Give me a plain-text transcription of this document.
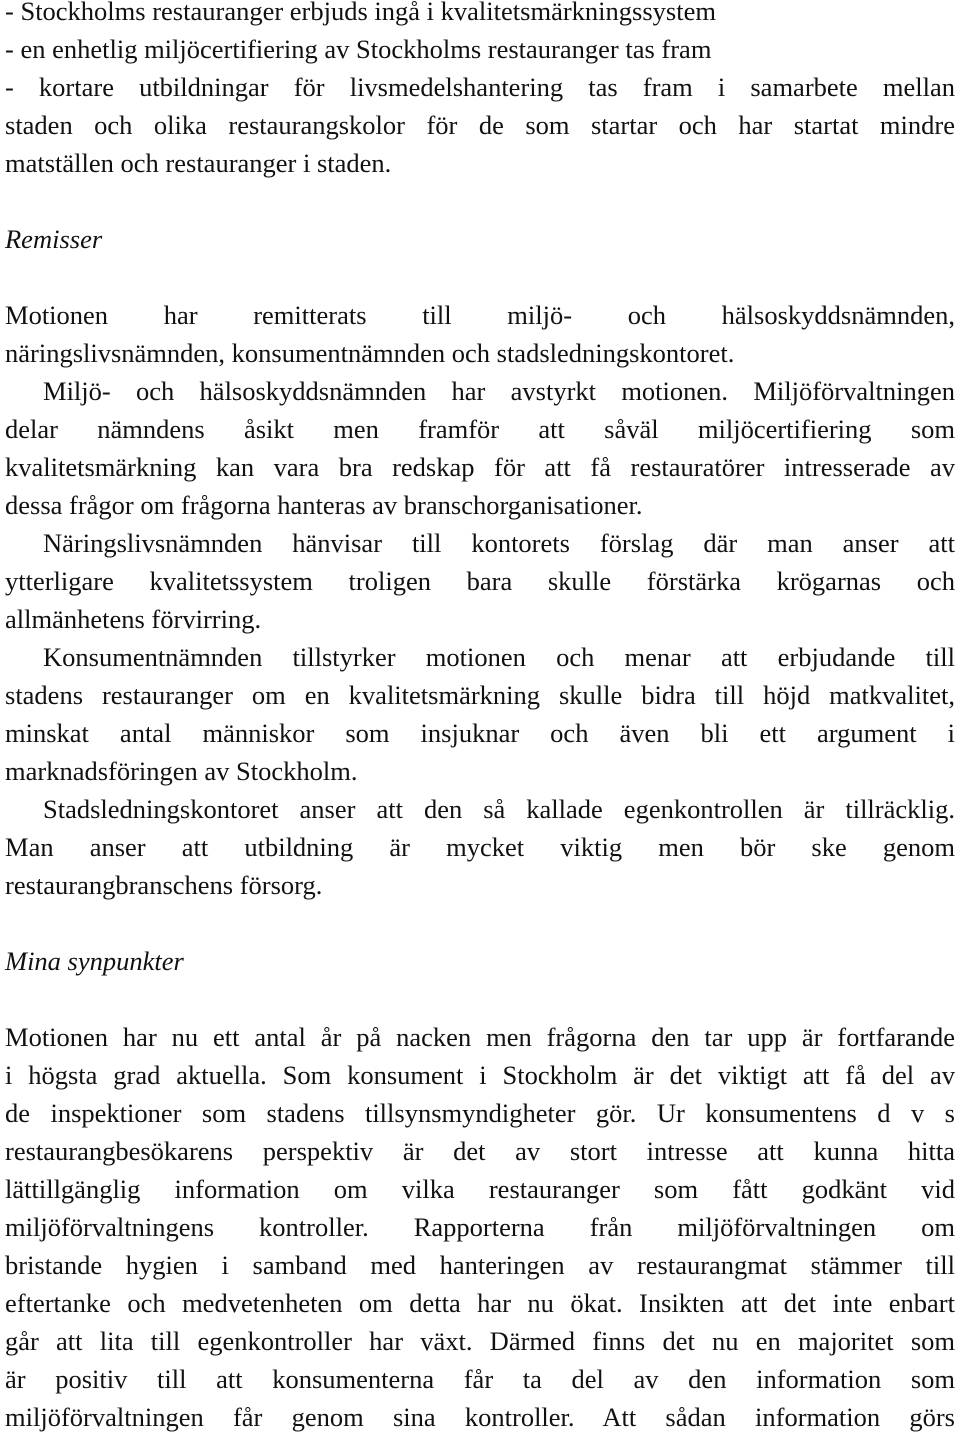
- Stockholms restauranger erbjuds ingå i kvalitetsmärkningssystem
- en enhetlig miljöcertifiering av Stockholms restauranger tas fram
- kortare utbildningar för livsmedelshantering tas fram i samarbete mellan
staden och olika restaurangskolor för de som startar och har startat mindre
matställen och restauranger i staden.

Remisser

Motionen har remitterats till miljö- och hälsoskyddsnämnden,
näringslivsnämnden, konsumentnämnden och stadsledningskontoret.
Miljö- och hälsoskyddsnämnden har avstyrkt motionen. Miljöförvaltningen
delar nämndens åsikt men framför att såväl miljöcertifiering som
kvalitetsmärkning kan vara bra redskap för att få restauratörer intresserade av
dessa frågor om frågorna hanteras av branschorganisationer.
Näringslivsnämnden hänvisar till kontorets förslag där man anser att
ytterligare kvalitetssystem troligen bara skulle förstärka krögarnas och
allmänhetens förvirring.
Konsumentnämnden tillstyrker motionen och menar att erbjudande till
stadens restauranger om en kvalitetsmärkning skulle bidra till höjd matkvalitet,
minskat antal människor som insjuknar och även bli ett argument i
marknadsföringen av Stockholm.
Stadsledningskontoret anser att den så kallade egenkontrollen är tillräcklig.
Man anser att utbildning är mycket viktig men bör ske genom
restaurangbranschens försorg.

Mina synpunkter

Motionen har nu ett antal år på nacken men frågorna den tar upp är fortfarande
i högsta grad aktuella. Som konsument i Stockholm är det viktigt att få del av
de inspektioner som stadens tillsynsmyndigheter gör. Ur konsumentens d v s
restaurangbesökarens perspektiv är det av stort intresse att kunna hitta
lättillgänglig information om vilka restauranger som fått godkänt vid
miljöförvaltningens kontroller. Rapporterna från miljöförvaltningen om
bristande hygien i samband med hanteringen av restaurangmat stämmer till
eftertanke och medvetenheten om detta har nu ökat. Insikten att det inte enbart
går att lita till egenkontroller har växt. Därmed finns det nu en majoritet som
är positiv till att konsumenterna får ta del av den information som
miljöförvaltningen får genom sina kontroller. Att sådan information görs
